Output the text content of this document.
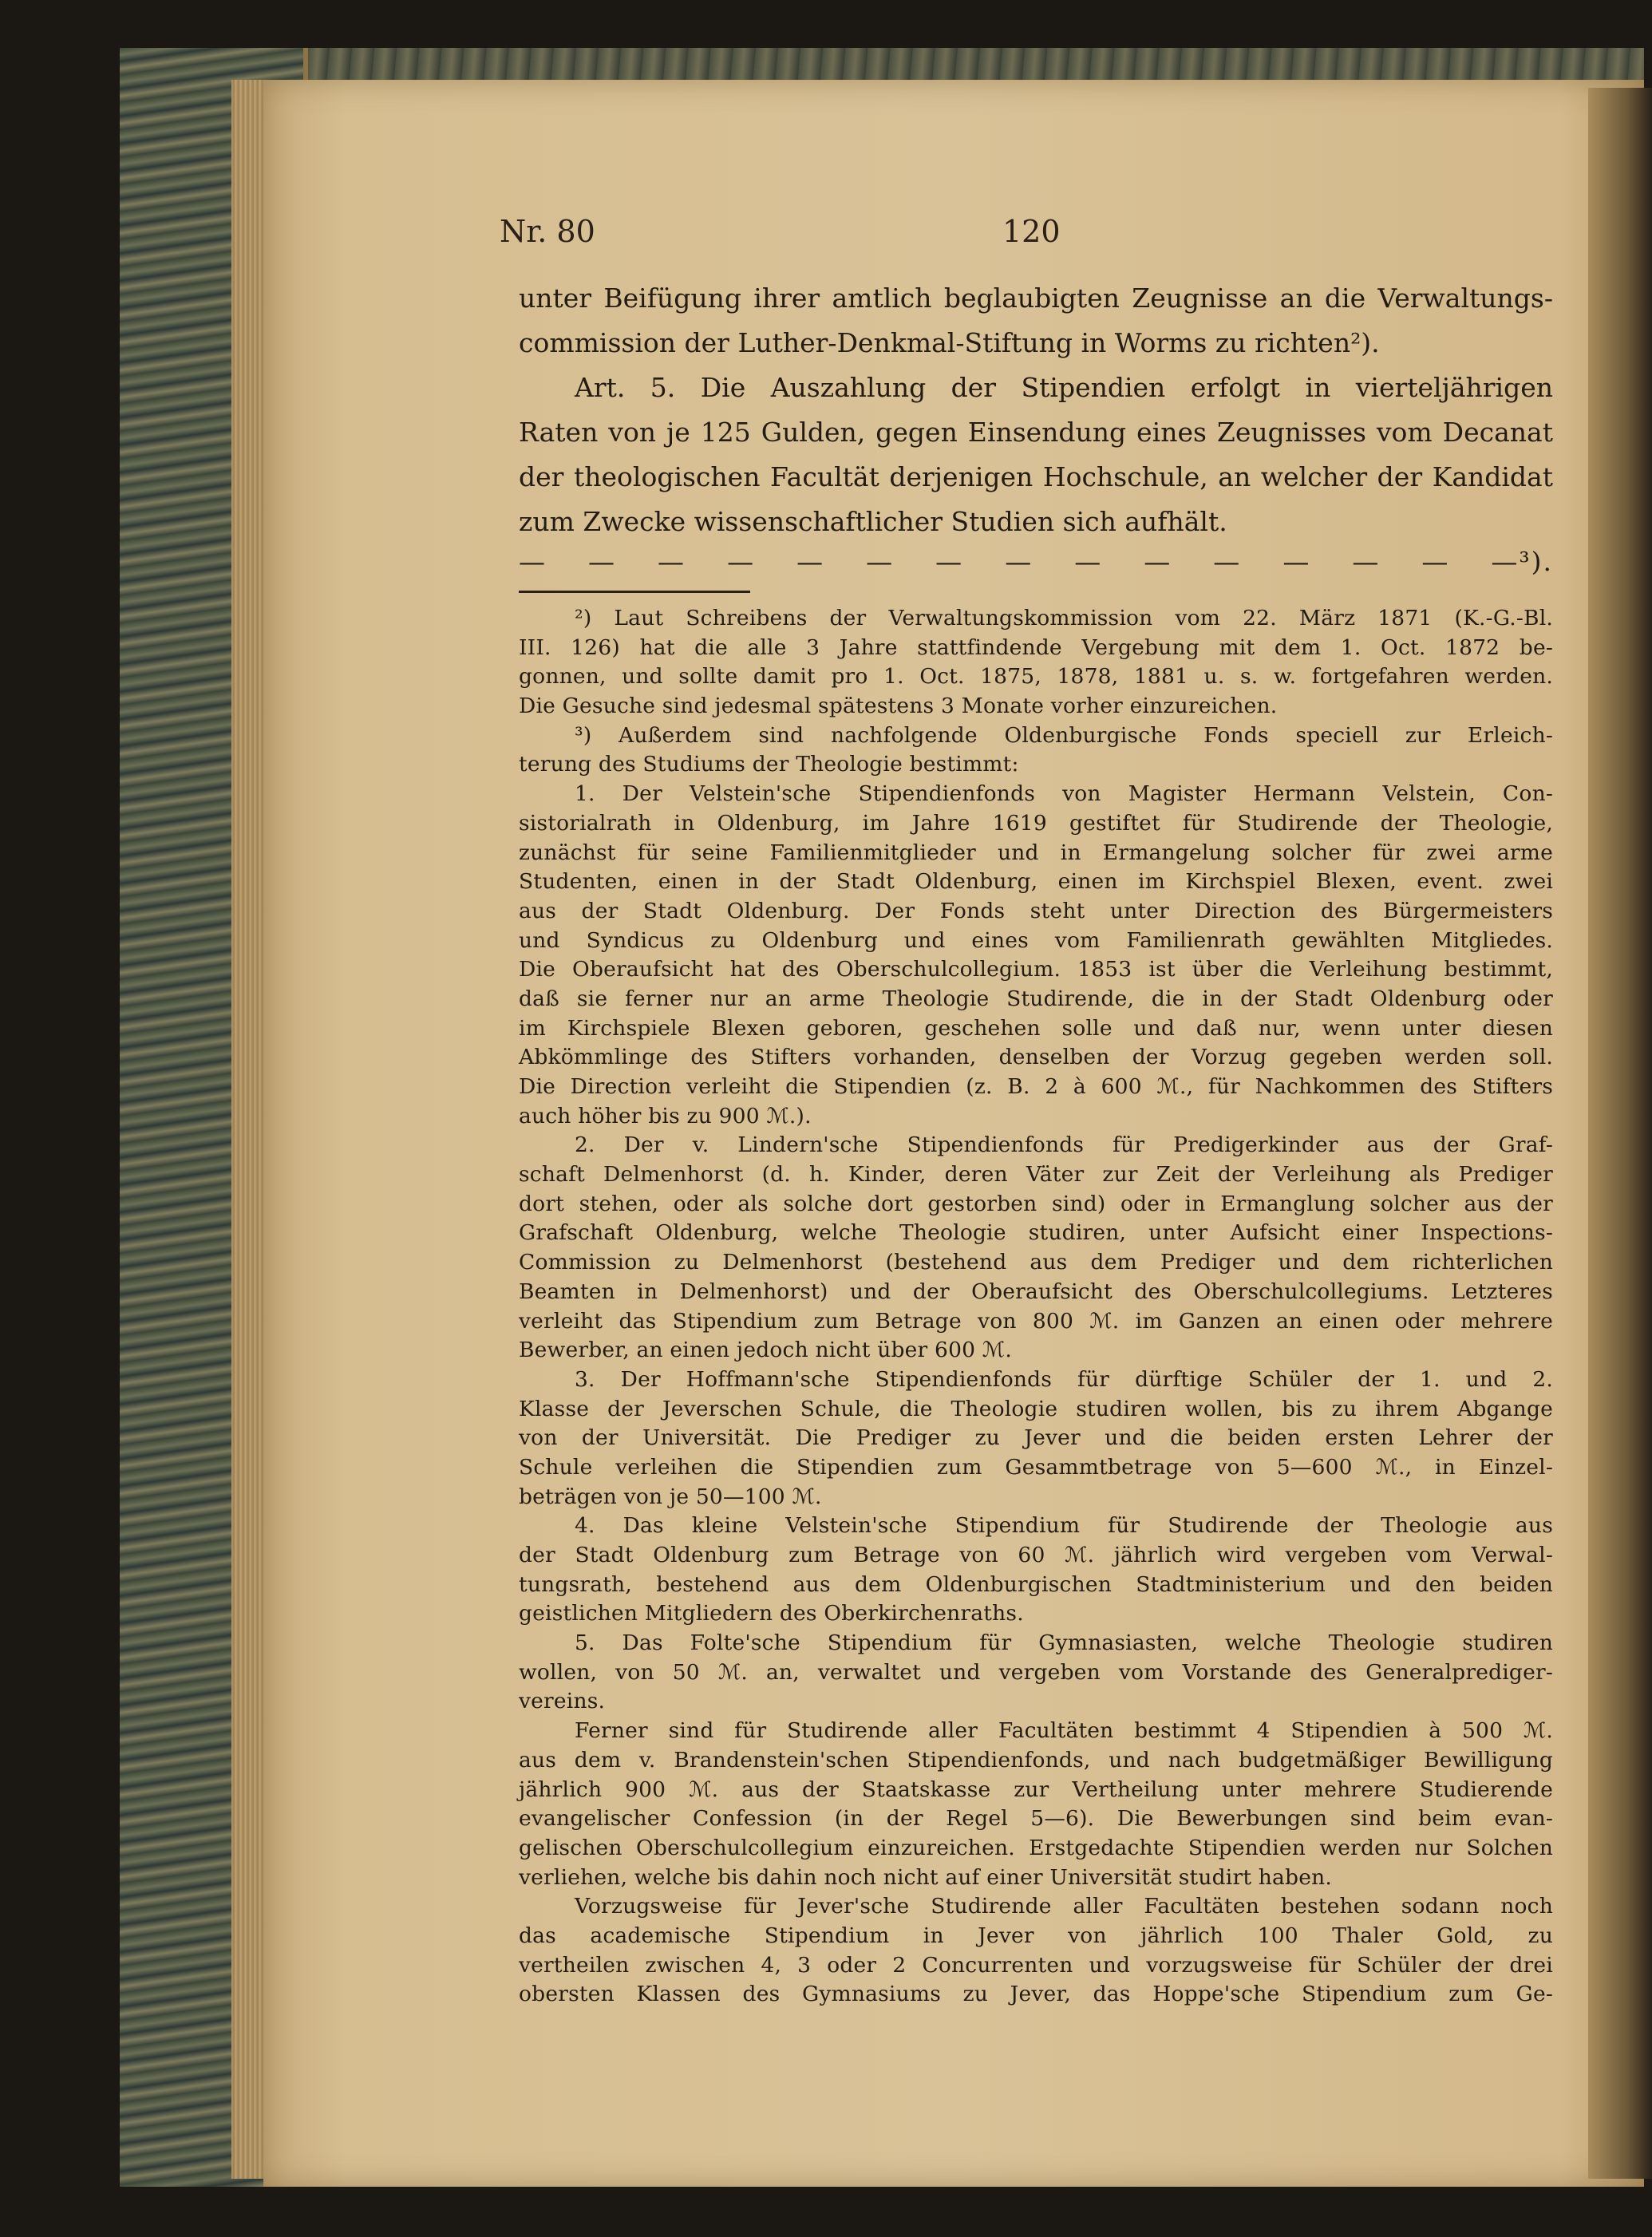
Nr. 80	120
unter Beifügung ihrer amtlich beglaubigten Zeugnisse an die Verwaltungs-
commission der Luther-Denkmal-Stiftung in Worms zu richten²).
Art. 5. Die Auszahlung der Stipendien erfolgt in vierteljährigen
Raten von je 125 Gulden, gegen Einsendung eines Zeugnisses vom Decanat
der theologischen Facultät derjenigen Hochschule, an welcher der Kandidat
zum Zwecke wissenschaftlicher Studien sich aufhält.
— — — — — — — — — — — — — — —³).
²) Laut Schreibens der Verwaltungskommission vom 22. März 1871 (K.-G.-Bl.
III. 126) hat die alle 3 Jahre stattfindende Vergebung mit dem 1. Oct. 1872 be-
gonnen, und sollte damit pro 1. Oct. 1875, 1878, 1881 u. s. w. fortgefahren werden.
Die Gesuche sind jedesmal spätestens 3 Monate vorher einzureichen.
³) Außerdem sind nachfolgende Oldenburgische Fonds speciell zur Erleich-
terung des Studiums der Theologie bestimmt:
1. Der Velstein'sche Stipendienfonds von Magister Hermann Velstein, Con-
sistorialrath in Oldenburg, im Jahre 1619 gestiftet für Studirende der Theologie,
zunächst für seine Familienmitglieder und in Ermangelung solcher für zwei arme
Studenten, einen in der Stadt Oldenburg, einen im Kirchspiel Blexen, event. zwei
aus der Stadt Oldenburg. Der Fonds steht unter Direction des Bürgermeisters
und Syndicus zu Oldenburg und eines vom Familienrath gewählten Mitgliedes.
Die Oberaufsicht hat des Oberschulcollegium. 1853 ist über die Verleihung bestimmt,
daß sie ferner nur an arme Theologie Studirende, die in der Stadt Oldenburg oder
im Kirchspiele Blexen geboren, geschehen solle und daß nur, wenn unter diesen
Abkömmlinge des Stifters vorhanden, denselben der Vorzug gegeben werden soll.
Die Direction verleiht die Stipendien (z. B. 2 à 600 ℳ., für Nachkommen des Stifters
auch höher bis zu 900 ℳ.).
2. Der v. Lindern'sche Stipendienfonds für Predigerkinder aus der Graf-
schaft Delmenhorst (d. h. Kinder, deren Väter zur Zeit der Verleihung als Prediger
dort stehen, oder als solche dort gestorben sind) oder in Ermanglung solcher aus der
Grafschaft Oldenburg, welche Theologie studiren, unter Aufsicht einer Inspections-
Commission zu Delmenhorst (bestehend aus dem Prediger und dem richterlichen
Beamten in Delmenhorst) und der Oberaufsicht des Oberschulcollegiums. Letzteres
verleiht das Stipendium zum Betrage von 800 ℳ. im Ganzen an einen oder mehrere
Bewerber, an einen jedoch nicht über 600 ℳ.
3. Der Hoffmann'sche Stipendienfonds für dürftige Schüler der 1. und 2.
Klasse der Jeverschen Schule, die Theologie studiren wollen, bis zu ihrem Abgange
von der Universität. Die Prediger zu Jever und die beiden ersten Lehrer der
Schule verleihen die Stipendien zum Gesammtbetrage von 5—600 ℳ., in Einzel-
beträgen von je 50—100 ℳ.
4. Das kleine Velstein'sche Stipendium für Studirende der Theologie aus
der Stadt Oldenburg zum Betrage von 60 ℳ. jährlich wird vergeben vom Verwal-
tungsrath, bestehend aus dem Oldenburgischen Stadtministerium und den beiden
geistlichen Mitgliedern des Oberkirchenraths.
5. Das Folte'sche Stipendium für Gymnasiasten, welche Theologie studiren
wollen, von 50 ℳ. an, verwaltet und vergeben vom Vorstande des Generalprediger-
vereins.
Ferner sind für Studirende aller Facultäten bestimmt 4 Stipendien à 500 ℳ.
aus dem v. Brandenstein'schen Stipendienfonds, und nach budgetmäßiger Bewilligung
jährlich 900 ℳ. aus der Staatskasse zur Vertheilung unter mehrere Studierende
evangelischer Confession (in der Regel 5—6). Die Bewerbungen sind beim evan-
gelischen Oberschulcollegium einzureichen. Erstgedachte Stipendien werden nur Solchen
verliehen, welche bis dahin noch nicht auf einer Universität studirt haben.
Vorzugsweise für Jever'sche Studirende aller Facultäten bestehen sodann noch
das academische Stipendium in Jever von jährlich 100 Thaler Gold, zu
vertheilen zwischen 4, 3 oder 2 Concurrenten und vorzugsweise für Schüler der drei
obersten Klassen des Gymnasiums zu Jever, das Hoppe'sche Stipendium zum Ge-
